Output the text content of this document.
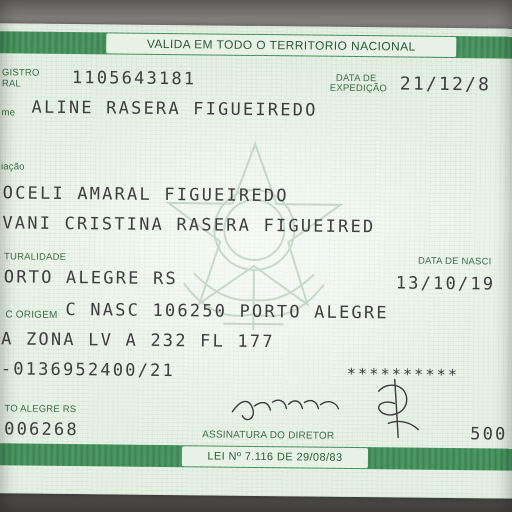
VALIDA EM TODO O TERRITORIO NACIONAL
GISTRO
RAL	1105643181	DATA DE
EXPEDIÇÃO 21/12/8
me ALINE RASERA FIGUEIREDO
iação
OCELI AMARAL FIGUEIREDO
VANI CRISTINA RASERA FIGUEIRED
TURALIDADE
ORTO ALEGRE RS
DATA DE NASCI
13/10/19
C ORIGEM C NASC 106250 PORTO ALEGRE
A ZONA LV A 232 FL 177
-0136952400/21	**********
TO ALEGRE RS
006268	ASSINATURA DO DIRETOR	500
LEI Nº 7.116 DE 29/08/83
